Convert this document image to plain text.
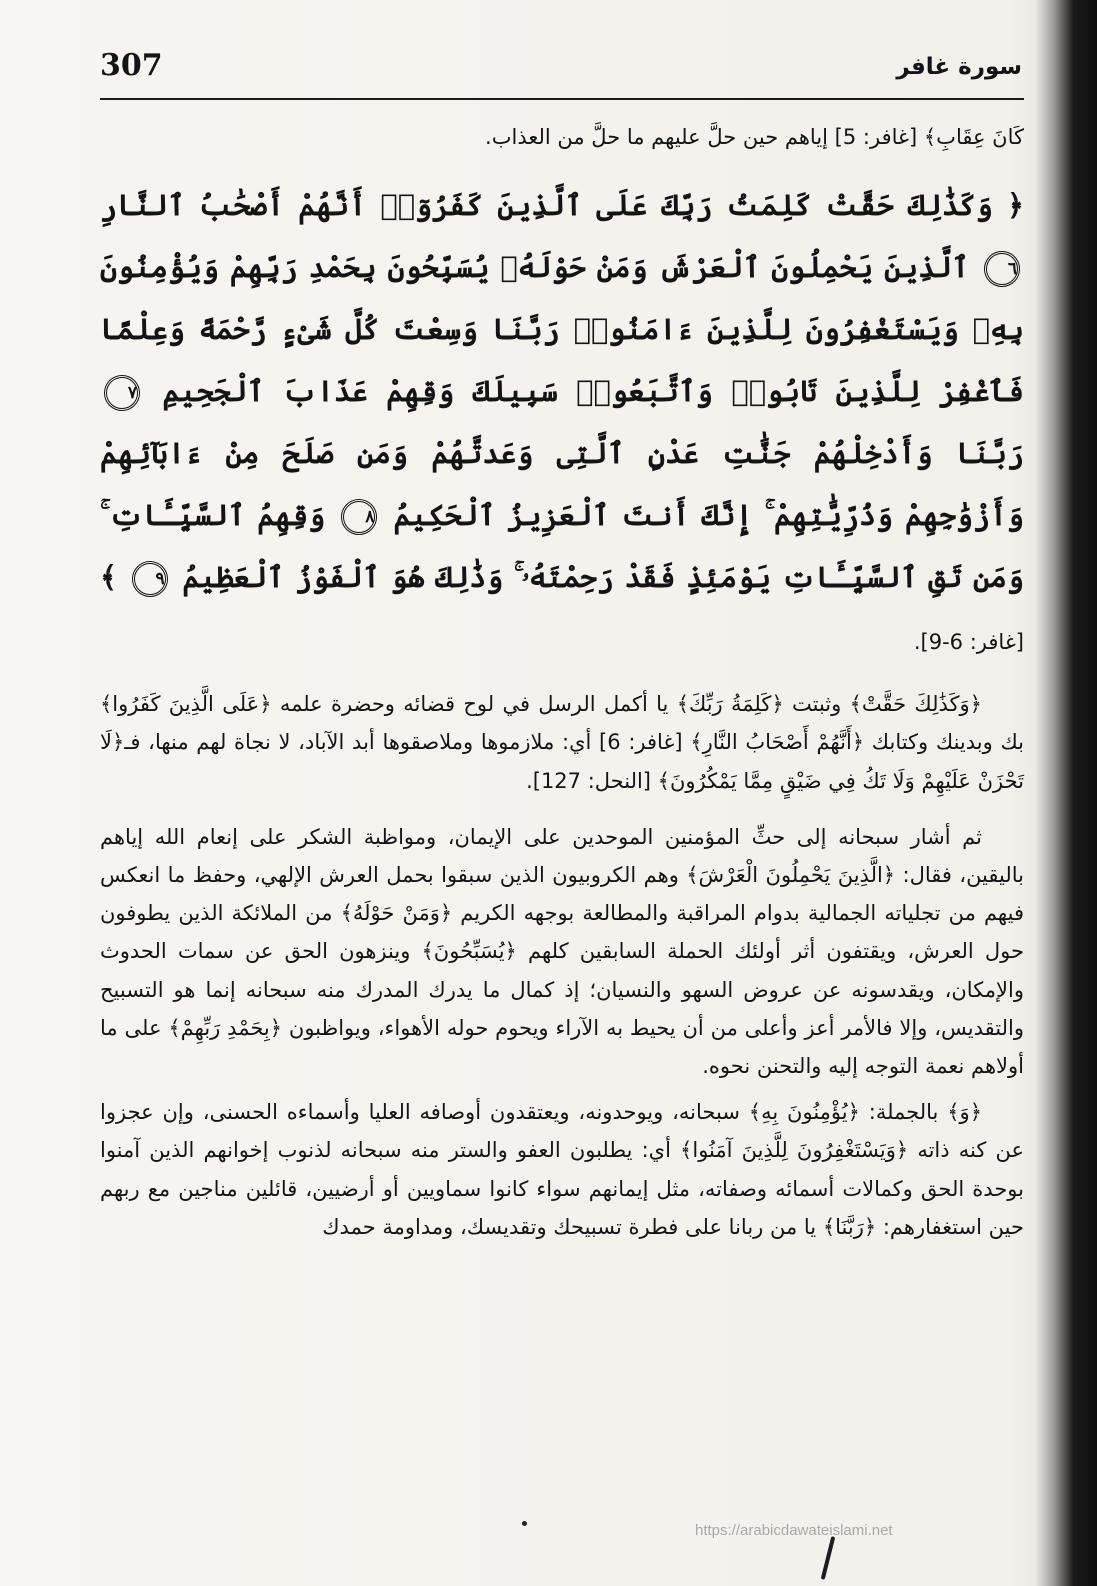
307	سورة غافر

كَانَ عِقَابِ﴾ [غافر: 5] إياهم حين حلَّ عليهم ما حلَّ من العذاب.

﴿ وَكَذَٰلِكَ حَقَّتْ كَلِمَتُ رَبِّكَ عَلَى ٱلَّذِينَ كَفَرُوٓا۟ أَنَّهُمْ أَصْحَٰبُ ٱلنَّارِ ٦ ٱلَّذِينَ يَحْمِلُونَ ٱلْعَرْشَ وَمَنْ حَوْلَهُۥ يُسَبِّحُونَ بِحَمْدِ رَبِّهِمْ وَيُؤْمِنُونَ بِهِۦ وَيَسْتَغْفِرُونَ لِلَّذِينَ ءَامَنُوا۟ رَبَّنَا وَسِعْتَ كُلَّ شَىْءٍ رَّحْمَةً وَعِلْمًا فَٱغْفِرْ لِلَّذِينَ تَابُوا۟ وَٱتَّبَعُوا۟ سَبِيلَكَ وَقِهِمْ عَذَابَ ٱلْجَحِيمِ ٧ رَبَّنَا وَأَدْخِلْهُمْ جَنَّٰتِ عَدْنٍ ٱلَّتِى وَعَدتَّهُمْ وَمَن صَلَحَ مِنْ ءَابَآئِهِمْ وَأَزْوَٰجِهِمْ وَذُرِّيَّٰتِهِمْ ۚ إِنَّكَ أَنتَ ٱلْعَزِيزُ ٱلْحَكِيمُ ٨ وَقِهِمُ ٱلسَّيِّـَٔاتِ ۚ وَمَن تَقِ ٱلسَّيِّـَٔاتِ يَوْمَئِذٍ فَقَدْ رَحِمْتَهُۥ ۚ وَذَٰلِكَ هُوَ ٱلْفَوْزُ ٱلْعَظِيمُ ٩ ﴾ [غافر: 6-9].

﴿وَكَذَٰلِكَ حَقَّتْ﴾ وثبتت ﴿كَلِمَةُ رَبِّكَ﴾ يا أكمل الرسل في لوح قضائه وحضرة علمه ﴿عَلَى الَّذِينَ كَفَرُوا﴾ بك وبدينك وكتابك ﴿أَنَّهُمْ أَصْحَابُ النَّارِ﴾ [غافر: 6] أي: ملازموها وملاصقوها أبد الآباد، لا نجاة لهم منها، فـ﴿لَا تَحْزَنْ عَلَيْهِمْ وَلَا تَكُ فِي ضَيْقٍ مِمَّا يَمْكُرُونَ﴾ [النحل: 127].

ثم أشار سبحانه إلى حثِّ المؤمنين الموحدين على الإيمان، ومواظبة الشكر على إنعام الله إياهم باليقين، فقال: ﴿الَّذِينَ يَحْمِلُونَ الْعَرْشَ﴾ وهم الكروبيون الذين سبقوا بحمل العرش الإلهي، وحفظ ما انعكس فيهم من تجلياته الجمالية بدوام المراقبة والمطالعة بوجهه الكريم ﴿وَمَنْ حَوْلَهُ﴾ من الملائكة الذين يطوفون حول العرش، ويقتفون أثر أولئك الحملة السابقين كلهم ﴿يُسَبِّحُونَ﴾ وينزهون الحق عن سمات الحدوث والإمكان، ويقدسونه عن عروض السهو والنسيان؛ إذ كمال ما يدرك المدرك منه سبحانه إنما هو التسبيح والتقديس، وإلا فالأمر أعز وأعلى من أن يحيط به الآراء ويحوم حوله الأهواء، ويواظبون ﴿بِحَمْدِ رَبِّهِمْ﴾ على ما أولاهم نعمة التوجه إليه والتحنن نحوه.

﴿وَ﴾ بالجملة: ﴿يُؤْمِنُونَ بِهِ﴾ سبحانه، ويوحدونه، ويعتقدون أوصافه العليا وأسماءه الحسنى، وإن عجزوا عن كنه ذاته ﴿وَيَسْتَغْفِرُونَ لِلَّذِينَ آمَنُوا﴾ أي: يطلبون العفو والستر منه سبحانه لذنوب إخوانهم الذين آمنوا بوحدة الحق وكمالات أسمائه وصفاته، مثل إيمانهم سواء كانوا سماويين أو أرضيين، قائلين مناجين مع ربهم حين استغفارهم: ﴿رَبَّنَا﴾ يا من ربانا على فطرة تسبيحك وتقديسك، ومداومة حمدك

https://arabicdawateislami.net
